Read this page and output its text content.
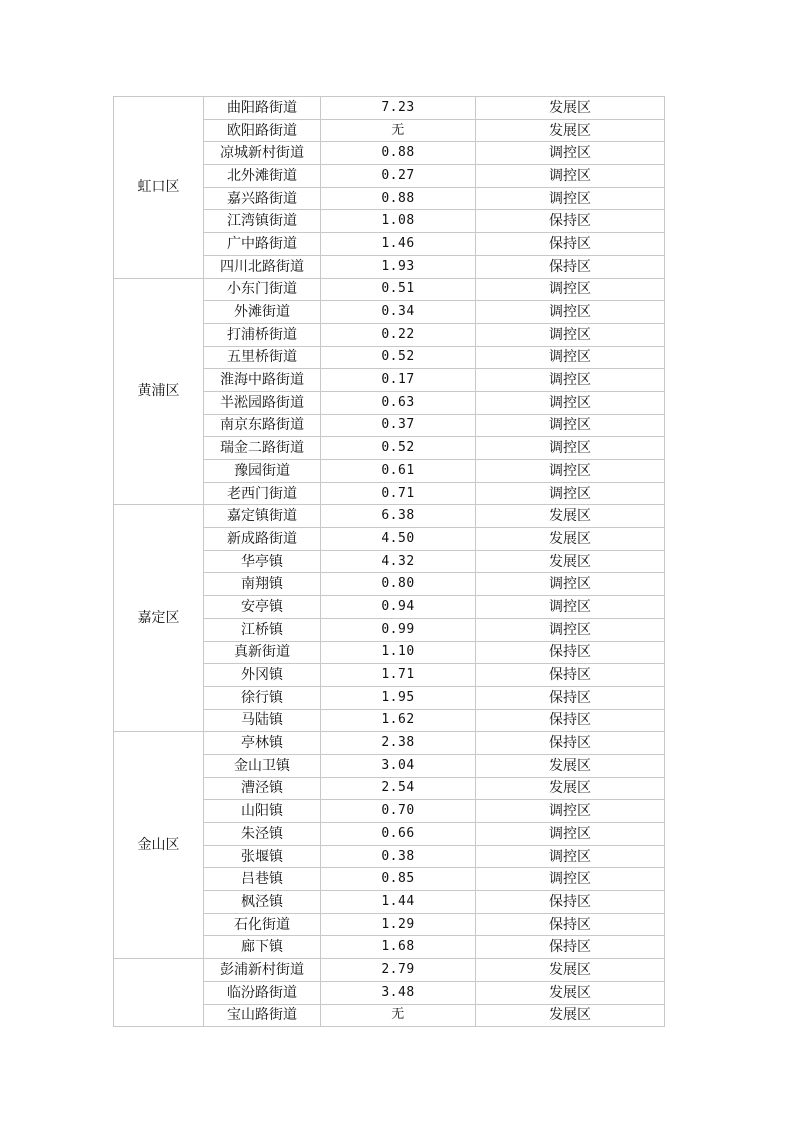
虹口区	曲阳路街道	7.23	发展区
	欧阳路街道	无	发展区
	凉城新村街道	0.88	调控区
	北外滩街道	0.27	调控区
	嘉兴路街道	0.88	调控区
	江湾镇街道	1.08	保持区
	广中路街道	1.46	保持区
	四川北路街道	1.93	保持区
黄浦区	小东门街道	0.51	调控区
	外滩街道	0.34	调控区
	打浦桥街道	0.22	调控区
	五里桥街道	0.52	调控区
	淮海中路街道	0.17	调控区
	半淞园路街道	0.63	调控区
	南京东路街道	0.37	调控区
	瑞金二路街道	0.52	调控区
	豫园街道	0.61	调控区
	老西门街道	0.71	调控区
嘉定区	嘉定镇街道	6.38	发展区
	新成路街道	4.50	发展区
	华亭镇	4.32	发展区
	南翔镇	0.80	调控区
	安亭镇	0.94	调控区
	江桥镇	0.99	调控区
	真新街道	1.10	保持区
	外冈镇	1.71	保持区
	徐行镇	1.95	保持区
	马陆镇	1.62	保持区
金山区	亭林镇	2.38	保持区
	金山卫镇	3.04	发展区
	漕泾镇	2.54	发展区
	山阳镇	0.70	调控区
	朱泾镇	0.66	调控区
	张堰镇	0.38	调控区
	吕巷镇	0.85	调控区
	枫泾镇	1.44	保持区
	石化街道	1.29	保持区
	廊下镇	1.68	保持区
	彭浦新村街道	2.79	发展区
	临汾路街道	3.48	发展区
	宝山路街道	无	发展区
